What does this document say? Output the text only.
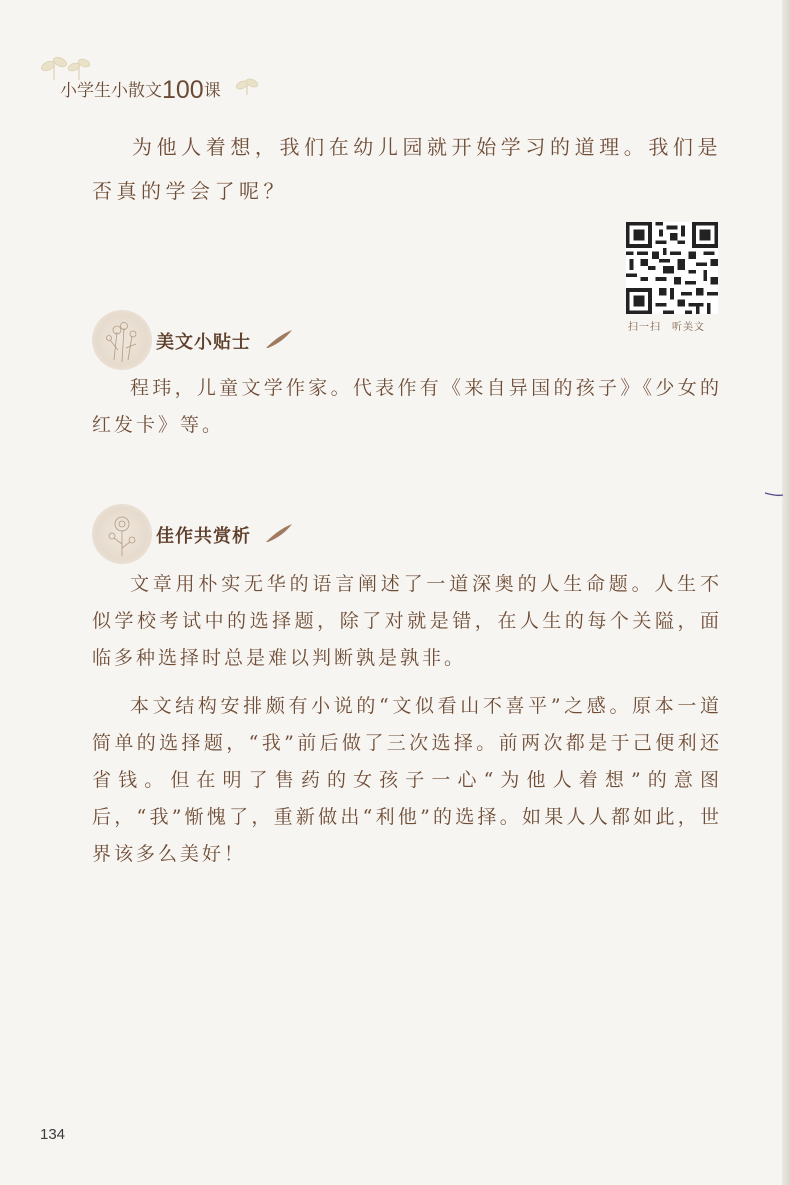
小学生小散文100课

为他人着想，我们在幼儿园就开始学习的道理。我们是否真的学会了呢？

扫一扫　听美文
美文小贴士

程玮，儿童文学作家。代表作有《来自异国的孩子》《少女的红发卡》等。

佳作共赏析

文章用朴实无华的语言阐述了一道深奥的人生命题。人生不似学校考试中的选择题，除了对就是错，在人生的每个关隘，面临多种选择时总是难以判断孰是孰非。

本文结构安排颇有小说的“文似看山不喜平”之感。原本一道简单的选择题，“我”前后做了三次选择。前两次都是于己便利还省钱。但在明了售药的女孩子一心“为他人着想”的意图后，“我”惭愧了，重新做出“利他”的选择。如果人人都如此，世界该多么美好！

134
